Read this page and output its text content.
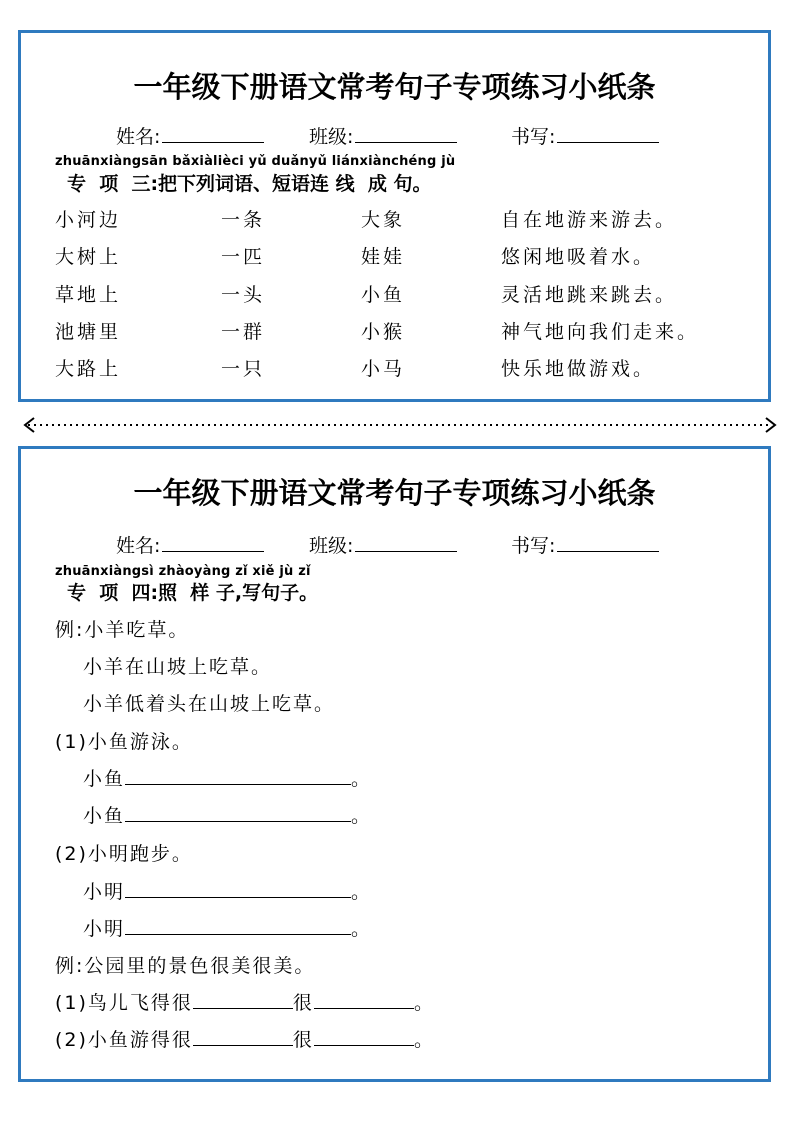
一年级下册语文常考句子专项练习小纸条
姓名:	班级:	书写:
zhuānxiàngsān bǎxiàlièci yǔ duǎnyǔ liánxiànchéng jù
专  项  三:把下列词语、短语连 线  成 句。
小河边	一条	大象	自在地游来游去。
大树上	一匹	娃娃	悠闲地吸着水。
草地上	一头	小鱼	灵活地跳来跳去。
池塘里	一群	小猴	神气地向我们走来。
大路上	一只	小马	快乐地做游戏。
一年级下册语文常考句子专项练习小纸条
姓名:	班级:	书写:
zhuānxiàngsì zhàoyàng zǐ xiě jù zǐ
专  项  四:照  样 子,写句子。
例:小羊吃草。
小羊在山坡上吃草。
小羊低着头在山坡上吃草。
(1)小鱼游泳。
小鱼	。
小鱼	。
(2)小明跑步。
小明	。
小明	。
例:公园里的景色很美很美。
(1)鸟儿飞得很	很	。
(2)小鱼游得很	很	。
